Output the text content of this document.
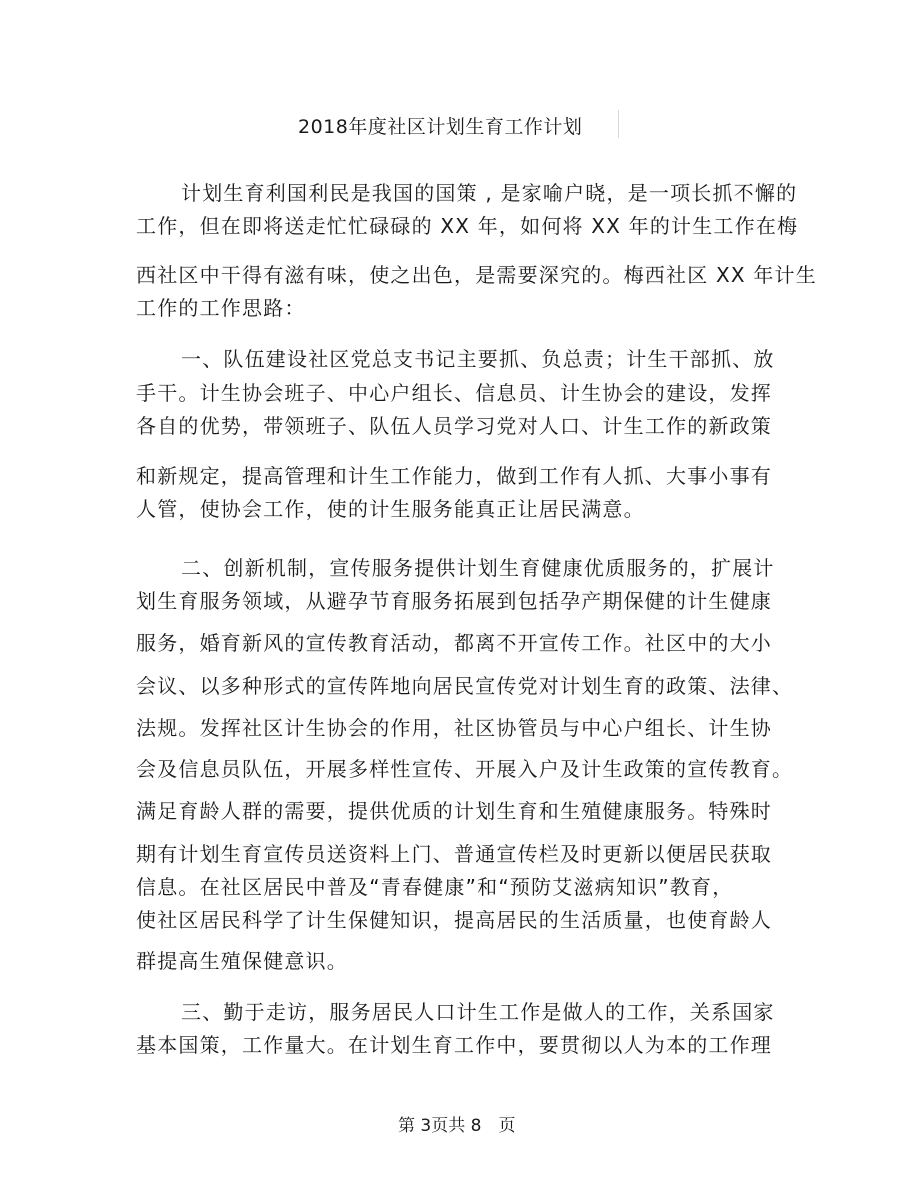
2018年度社区计划生育工作计划
计划生育利国利民是我国的国策 , 是家喻户晓，是一项长抓不懈的
工作，但在即将送走忙忙碌碌的 XX 年，如何将 XX 年的计生工作在梅
西社区中干得有滋有味，使之出色，是需要深究的。梅西社区 XX 年计生
工作的工作思路：
一、队伍建设社区党总支书记主要抓、负总责；计生干部抓、放
手干。计生协会班子、中心户组长、信息员、计生协会的建设，发挥
各自的优势，带领班子、队伍人员学习党对人口、计生工作的新政策
和新规定，提高管理和计生工作能力，做到工作有人抓、大事小事有
人管，使协会工作，使的计生服务能真正让居民满意。
二、创新机制，宣传服务提供计划生育健康优质服务的，扩展计
划生育服务领域，从避孕节育服务拓展到包括孕产期保健的计生健康
服务，婚育新风的宣传教育活动，都离不开宣传工作。社区中的大小
会议、以多种形式的宣传阵地向居民宣传党对计划生育的政策、法律、
法规。发挥社区计生协会的作用，社区协管员与中心户组长、计生协
会及信息员队伍，开展多样性宣传、开展入户及计生政策的宣传教育。
满足育龄人群的需要，提供优质的计划生育和生殖健康服务。特殊时
期有计划生育宣传员送资料上门、普通宣传栏及时更新以便居民获取
信息。在社区居民中普及“青春健康”和“预防艾滋病知识”教育，
使社区居民科学了计生保健知识，提高居民的生活质量，也使育龄人
群提高生殖保健意识。
三、勤于走访，服务居民人口计生工作是做人的工作，关系国家
基本国策，工作量大。在计划生育工作中，要贯彻以人为本的工作理
第 3页共 8　页
